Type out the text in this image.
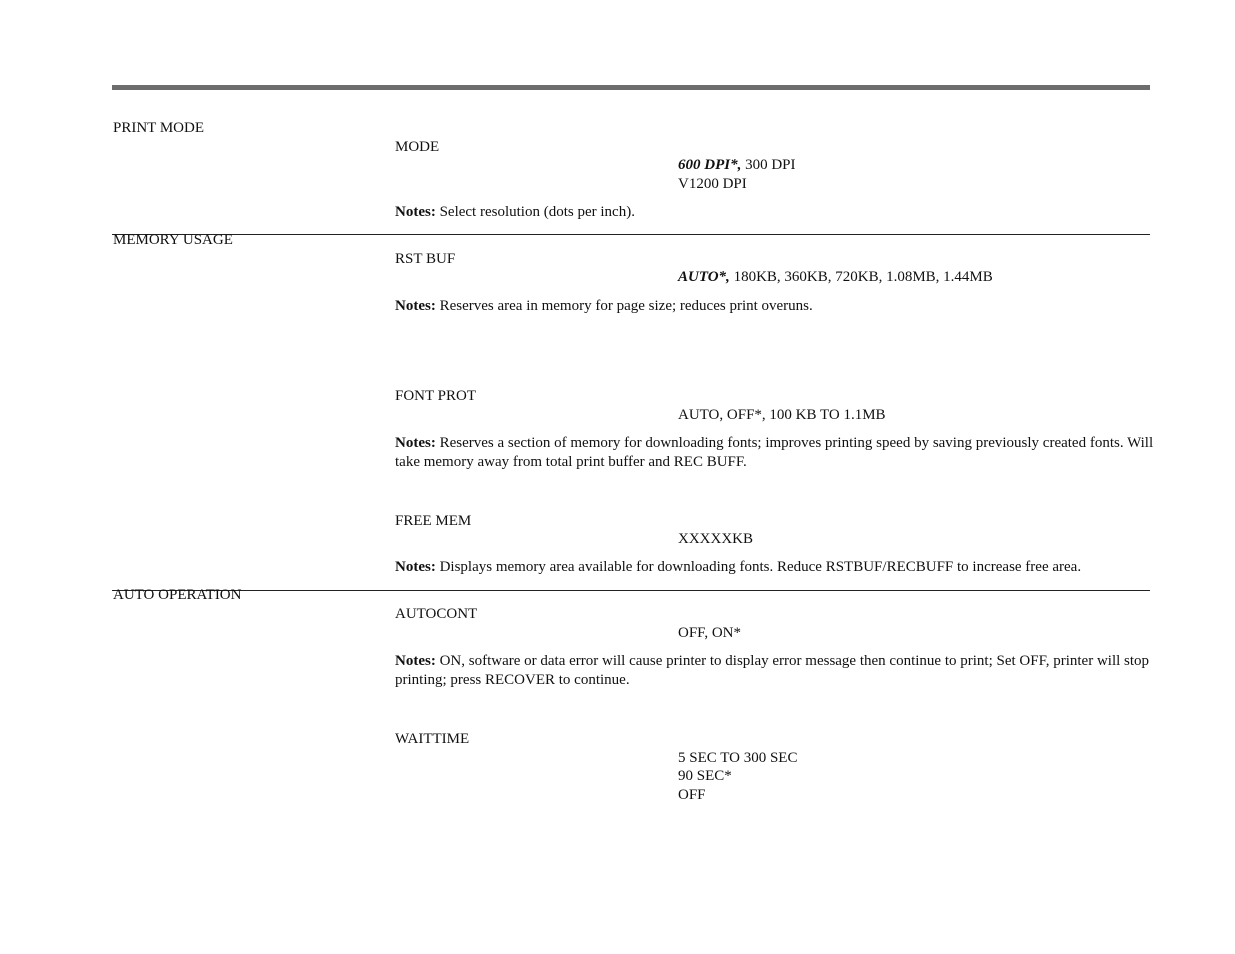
PRINT MODE
MODE
600 DPI*, 300 DPI
V1200 DPI
Notes: Select resolution (dots per inch).
MEMORY USAGE
RST BUF
AUTO*, 180KB, 360KB, 720KB, 1.08MB, 1.44MB
Notes: Reserves area in memory for page size; reduces print overuns.
FONT PROT
AUTO, OFF*, 100 KB TO 1.1MB
Notes: Reserves a section of memory for downloading fonts; improves printing speed by saving previously created fonts. Will take memory away from total print buffer and REC BUFF.
FREE MEM
XXXXXKB
Notes: Displays memory area available for downloading fonts. Reduce RSTBUF/RECBUFF to increase free area.
AUTO OPERATION
AUTOCONT
OFF, ON*
Notes: ON, software or data error will cause printer to display error message then continue to print; Set OFF, printer will stop printing; press RECOVER to continue.
WAITTIME
5 SEC TO 300 SEC
90 SEC*
OFF
